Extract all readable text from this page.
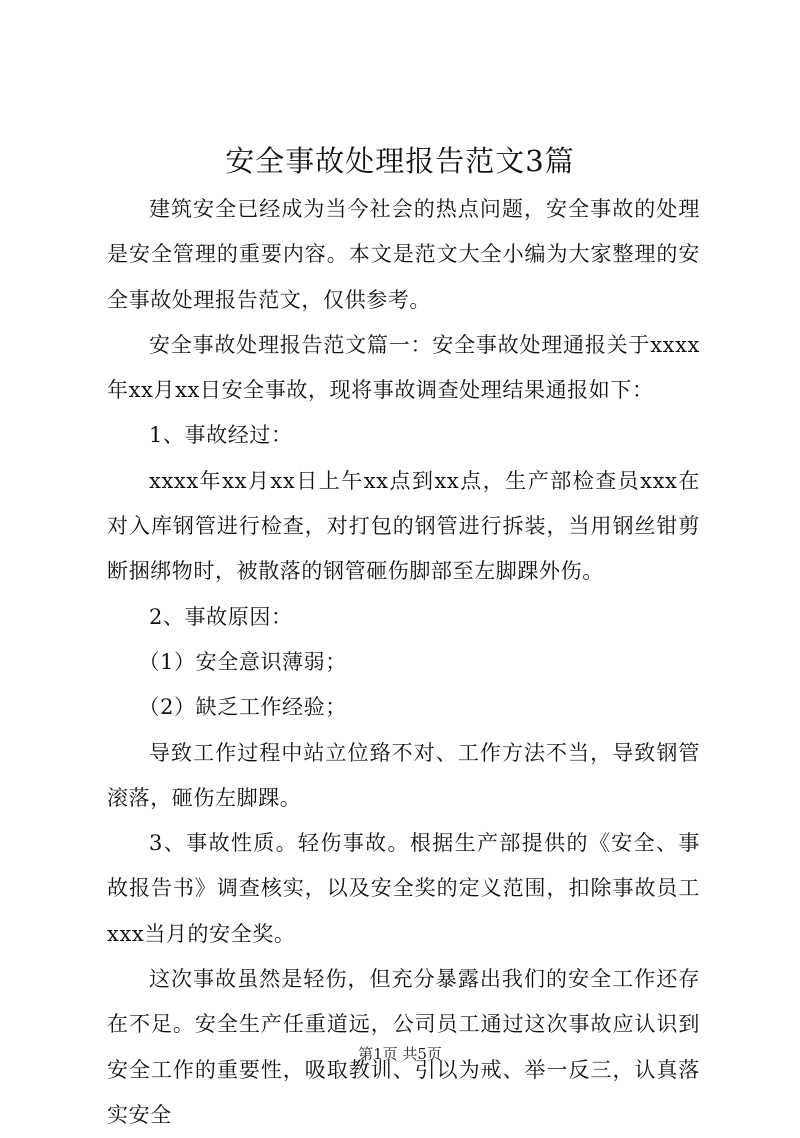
安全事故处理报告范文3篇

建筑安全已经成为当今社会的热点问题，安全事故的处理是安全管理的重要内容。本文是范文大全小编为大家整理的安全事故处理报告范文，仅供参考。

安全事故处理报告范文篇一：安全事故处理通报关于xxxx年xx月xx日安全事故，现将事故调查处理结果通报如下：

1、事故经过：

xxxx年xx月xx日上午xx点到xx点，生产部检查员xxx在对入库钢管进行检查，对打包的钢管进行拆装，当用钢丝钳剪断捆绑物时，被散落的钢管砸伤脚部至左脚踝外伤。

2、事故原因：

（1）安全意识薄弱；

（2）缺乏工作经验；

导致工作过程中站立位臵不对、工作方法不当，导致钢管滚落，砸伤左脚踝。

3、事故性质。轻伤事故。根据生产部提供的《安全、事故报告书》调查核实，以及安全奖的定义范围，扣除事故员工xxx当月的安全奖。

这次事故虽然是轻伤，但充分暴露出我们的安全工作还存在不足。安全生产任重道远，公司员工通过这次事故应认识到安全工作的重要性，吸取教训、引以为戒、举一反三，认真落实安全

第1页 共5页
